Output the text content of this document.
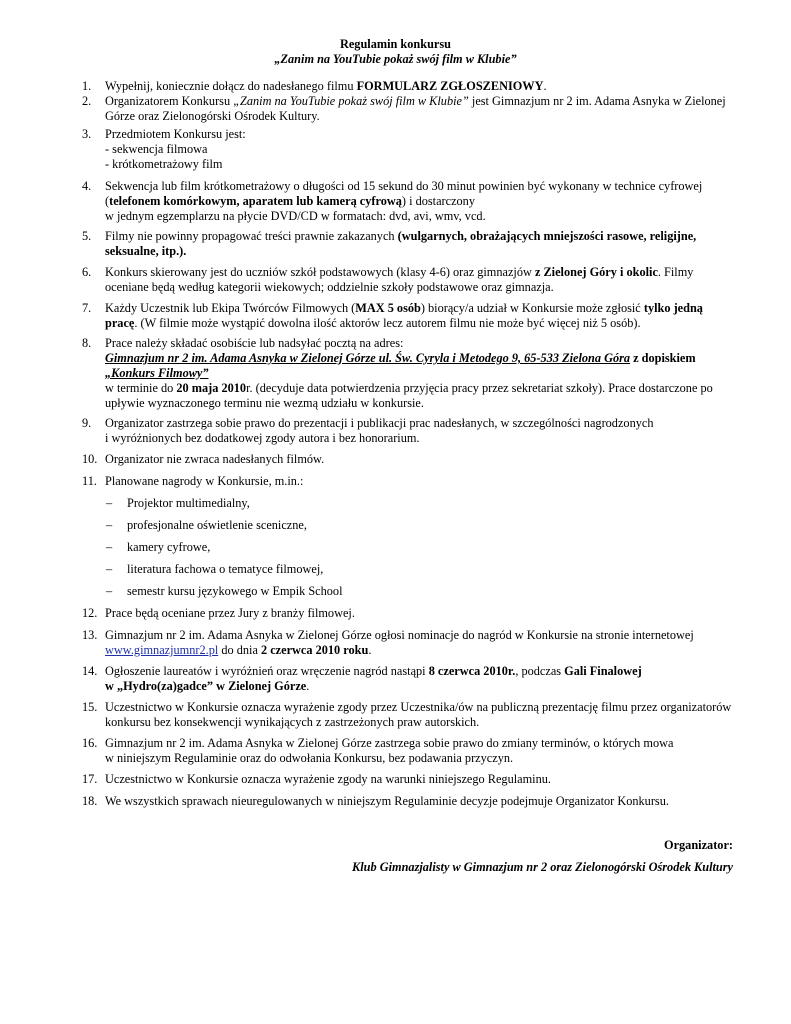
Regulamin konkursu
„Zanim na YouTubie pokaż swój film w Klubie”
1.	Wypełnij, koniecznie dołącz do nadesłanego filmu FORMULARZ ZGŁOSZENIOWY.
2.	Organizatorem Konkursu „Zanim na YouTubie pokaż swój film w Klubie” jest Gimnazjum nr 2 im. Adama Asnyka w Zielonej
Górze oraz Zielonogórski Ośrodek Kultury.
3.	Przedmiotem Konkursu jest:
- sekwencja filmowa
- krótkometrażowy film
4.	Sekwencja lub film krótkometrażowy o długości od 15 sekund do 30 minut powinien być wykonany w technice cyfrowej
(telefonem komórkowym, aparatem lub kamerą cyfrową) i dostarczony
w jednym egzemplarzu na płycie DVD/CD w formatach: dvd, avi, wmv, vcd.
5.	Filmy nie powinny propagować treści prawnie zakazanych (wulgarnych, obrażających mniejszości rasowe, religijne,
seksualne, itp.).
6.	Konkurs skierowany jest do uczniów szkół podstawowych (klasy 4-6) oraz gimnazjów z Zielonej Góry i okolic. Filmy
oceniane będą według kategorii wiekowych; oddzielnie szkoły podstawowe oraz gimnazja.
7.	Każdy Uczestnik lub Ekipa Twórców Filmowych (MAX 5 osób) biorący/a udział w Konkursie może zgłosić tylko jedną
pracę. (W filmie może wystąpić dowolna ilość aktorów lecz autorem filmu nie może być więcej niż 5 osób).
8.	Prace należy składać osobiście lub nadsyłać pocztą na adres:
Gimnazjum nr 2 im. Adama Asnyka w Zielonej Górze ul. Św. Cyryla i Metodego 9, 65-533 Zielona Góra z dopiskiem
„Konkurs Filmowy”
w terminie do 20 maja 2010r. (decyduje data potwierdzenia przyjęcia pracy przez sekretariat szkoły). Prace dostarczone po
upływie wyznaczonego terminu nie wezmą udziału w konkursie.
9.	Organizator zastrzega sobie prawo do prezentacji i publikacji prac nadesłanych, w szczególności nagrodzonych
i wyróżnionych bez dodatkowej zgody autora i bez honorarium.
10. Organizator nie zwraca nadesłanych filmów.
11. Planowane nagrody w Konkursie, m.in.:
–	Projektor multimedialny,
–	profesjonalne oświetlenie sceniczne,
–	kamery cyfrowe,
–	literatura fachowa o tematyce filmowej,
–	semestr kursu językowego w Empik School
12. Prace będą oceniane przez Jury z branży filmowej.
13. Gimnazjum nr 2 im. Adama Asnyka w Zielonej Górze ogłosi nominacje do nagród w Konkursie na stronie internetowej
www.gimnazjumnr2.pl do dnia 2 czerwca 2010 roku.
14. Ogłoszenie laureatów i wyróżnień oraz wręczenie nagród nastąpi 8 czerwca 2010r., podczas Gali Finalowej
w „Hydro(za)gadce” w Zielonej Górze.
15. Uczestnictwo w Konkursie oznacza wyrażenie zgody przez Uczestnika/ów na publiczną prezentację filmu przez organizatorów
konkursu bez konsekwencji wynikających z zastrzeżonych praw autorskich.
16. Gimnazjum nr 2 im. Adama Asnyka w Zielonej Górze zastrzega sobie prawo do zmiany terminów, o których mowa
w niniejszym Regulaminie oraz do odwołania Konkursu, bez podawania przyczyn.
17. Uczestnictwo w Konkursie oznacza wyrażenie zgody na warunki niniejszego Regulaminu.
18. We wszystkich sprawach nieuregulowanych w niniejszym Regulaminie decyzje podejmuje Organizator Konkursu.
Organizator:
Klub Gimnazjalisty w Gimnazjum nr 2 oraz Zielonogórski Ośrodek Kultury
